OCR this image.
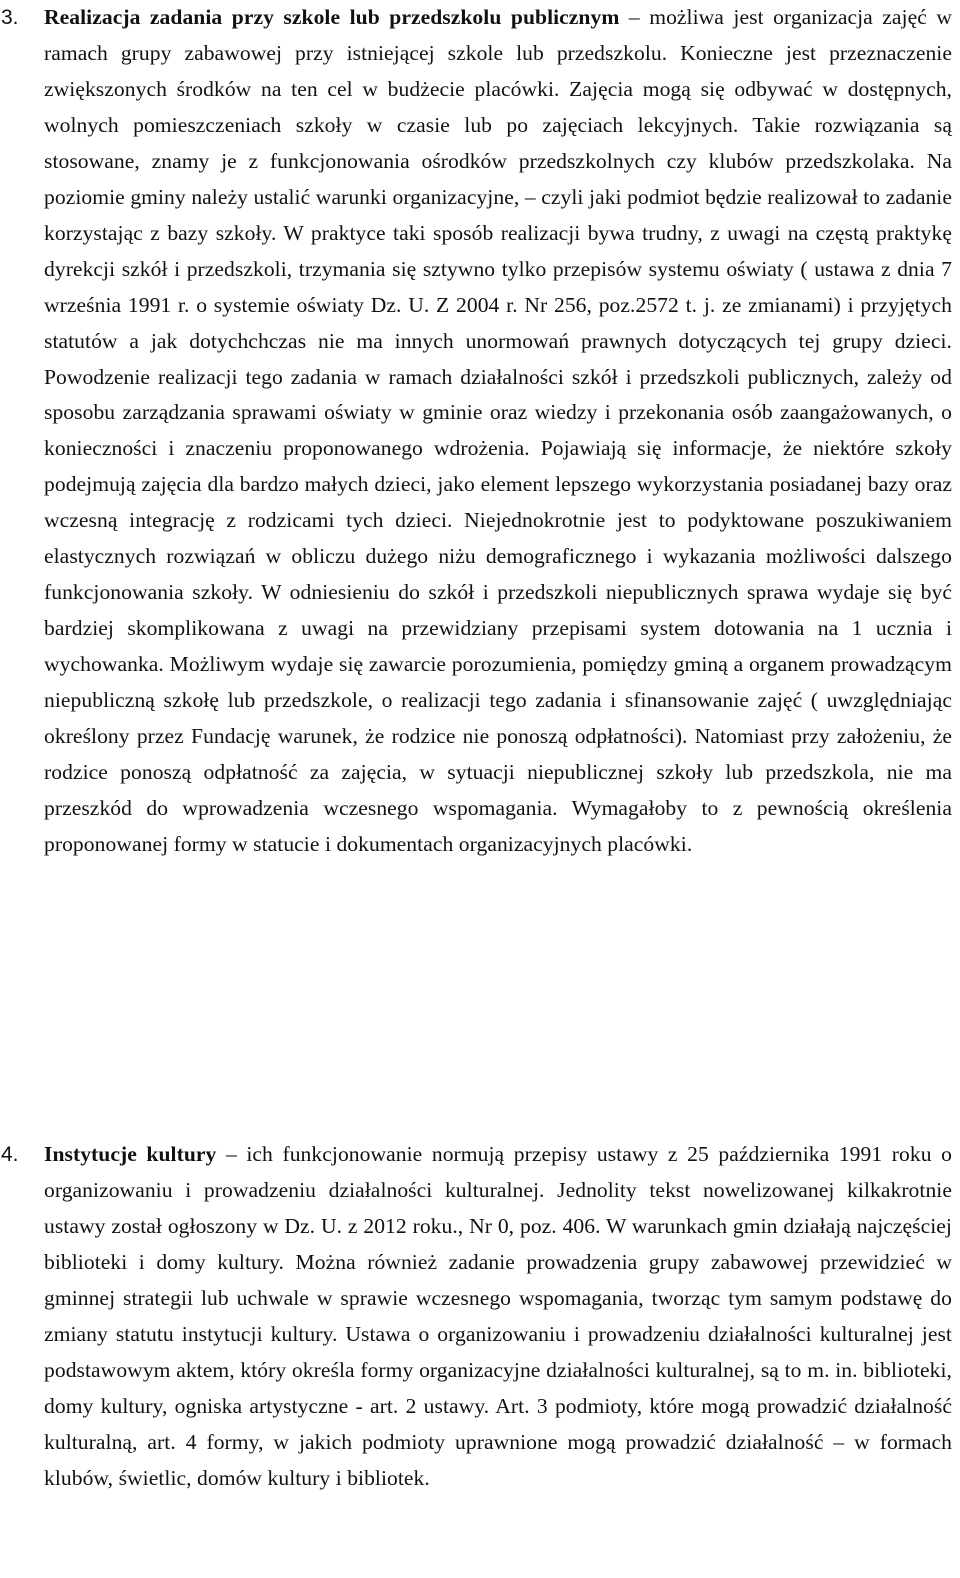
3. Realizacja zadania przy szkole lub przedszkolu publicznym – możliwa jest organizacja zajęć w ramach grupy zabawowej przy istniejącej szkole lub przedszkolu. Konieczne jest przeznaczenie zwiększonych środków na ten cel w budżecie placówki. Zajęcia mogą się odbywać w dostępnych, wolnych pomieszczeniach szkoły w czasie lub po zajęciach lekcyjnych. Takie rozwiązania są stosowane, znamy je z funkcjonowania ośrodków przedszkolnych czy klubów przedszkolaka. Na poziomie gminy należy ustalić warunki organizacyjne, – czyli jaki podmiot będzie realizował to zadanie korzystając z bazy szkoły. W praktyce taki sposób realizacji bywa trudny, z uwagi na częstą praktykę dyrekcji szkół i przedszkoli, trzymania się sztywno tylko przepisów systemu oświaty ( ustawa z dnia 7 września 1991 r. o systemie oświaty Dz. U. Z 2004 r. Nr 256, poz.2572 t. j. ze zmianami) i przyjętych statutów a jak dotychchczas nie ma innych unormowań prawnych dotyczących tej grupy dzieci. Powodzenie realizacji tego zadania w ramach działalności szkół i przedszkoli publicznych, zależy od sposobu zarządzania sprawami oświaty w gminie oraz wiedzy i przekonania osób zaangażowanych, o konieczności i znaczeniu proponowanego wdrożenia. Pojawiają się informacje, że niektóre szkoły podejmują zajęcia dla bardzo małych dzieci, jako element lepszego wykorzystania posiadanej bazy oraz wczesną integrację z rodzicami tych dzieci. Niejednokrotnie jest to podyktowane poszukiwaniem elastycznych rozwiązań w obliczu dużego niżu demograficznego i wykazania możliwości dalszego funkcjonowania szkoły. W odniesieniu do szkół i przedszkoli niepublicznych sprawa wydaje się być bardziej skomplikowana z uwagi na przewidziany przepisami system dotowania na 1 ucznia i wychowanka. Możliwym wydaje się zawarcie porozumienia, pomiędzy gminą a organem prowadzącym niepubliczną szkołę lub przedszkole, o realizacji tego zadania i sfinansowanie zajęć ( uwzględniając określony przez Fundację warunek, że rodzice nie ponoszą odpłatności). Natomiast przy założeniu, że rodzice ponoszą odpłatność za zajęcia, w sytuacji niepublicznej szkoły lub przedszkola, nie ma przeszkód do wprowadzenia wczesnego wspomagania. Wymagałoby to z pewnością określenia proponowanej formy w statucie i dokumentach organizacyjnych placówki.

4. Instytucje kultury – ich funkcjonowanie normują przepisy ustawy z 25 października 1991 roku o organizowaniu i prowadzeniu działalności kulturalnej. Jednolity tekst nowelizowanej kilkakrotnie ustawy został ogłoszony w Dz. U. z 2012 roku., Nr 0, poz. 406. W warunkach gmin działają najczęściej biblioteki i domy kultury. Można również zadanie prowadzenia grupy zabawowej przewidzieć w gminnej strategii lub uchwale w sprawie wczesnego wspomagania, tworząc tym samym podstawę do zmiany statutu instytucji kultury. Ustawa o organizowaniu i prowadzeniu działalności kulturalnej jest podstawowym aktem, który określa formy organizacyjne działalności kulturalnej, są to m. in. biblioteki, domy kultury, ogniska artystyczne - art. 2 ustawy. Art. 3 podmioty, które mogą prowadzić działalność kulturalną, art. 4 formy, w jakich podmioty uprawnione mogą prowadzić działalność – w formach klubów, świetlic, domów kultury i bibliotek.
